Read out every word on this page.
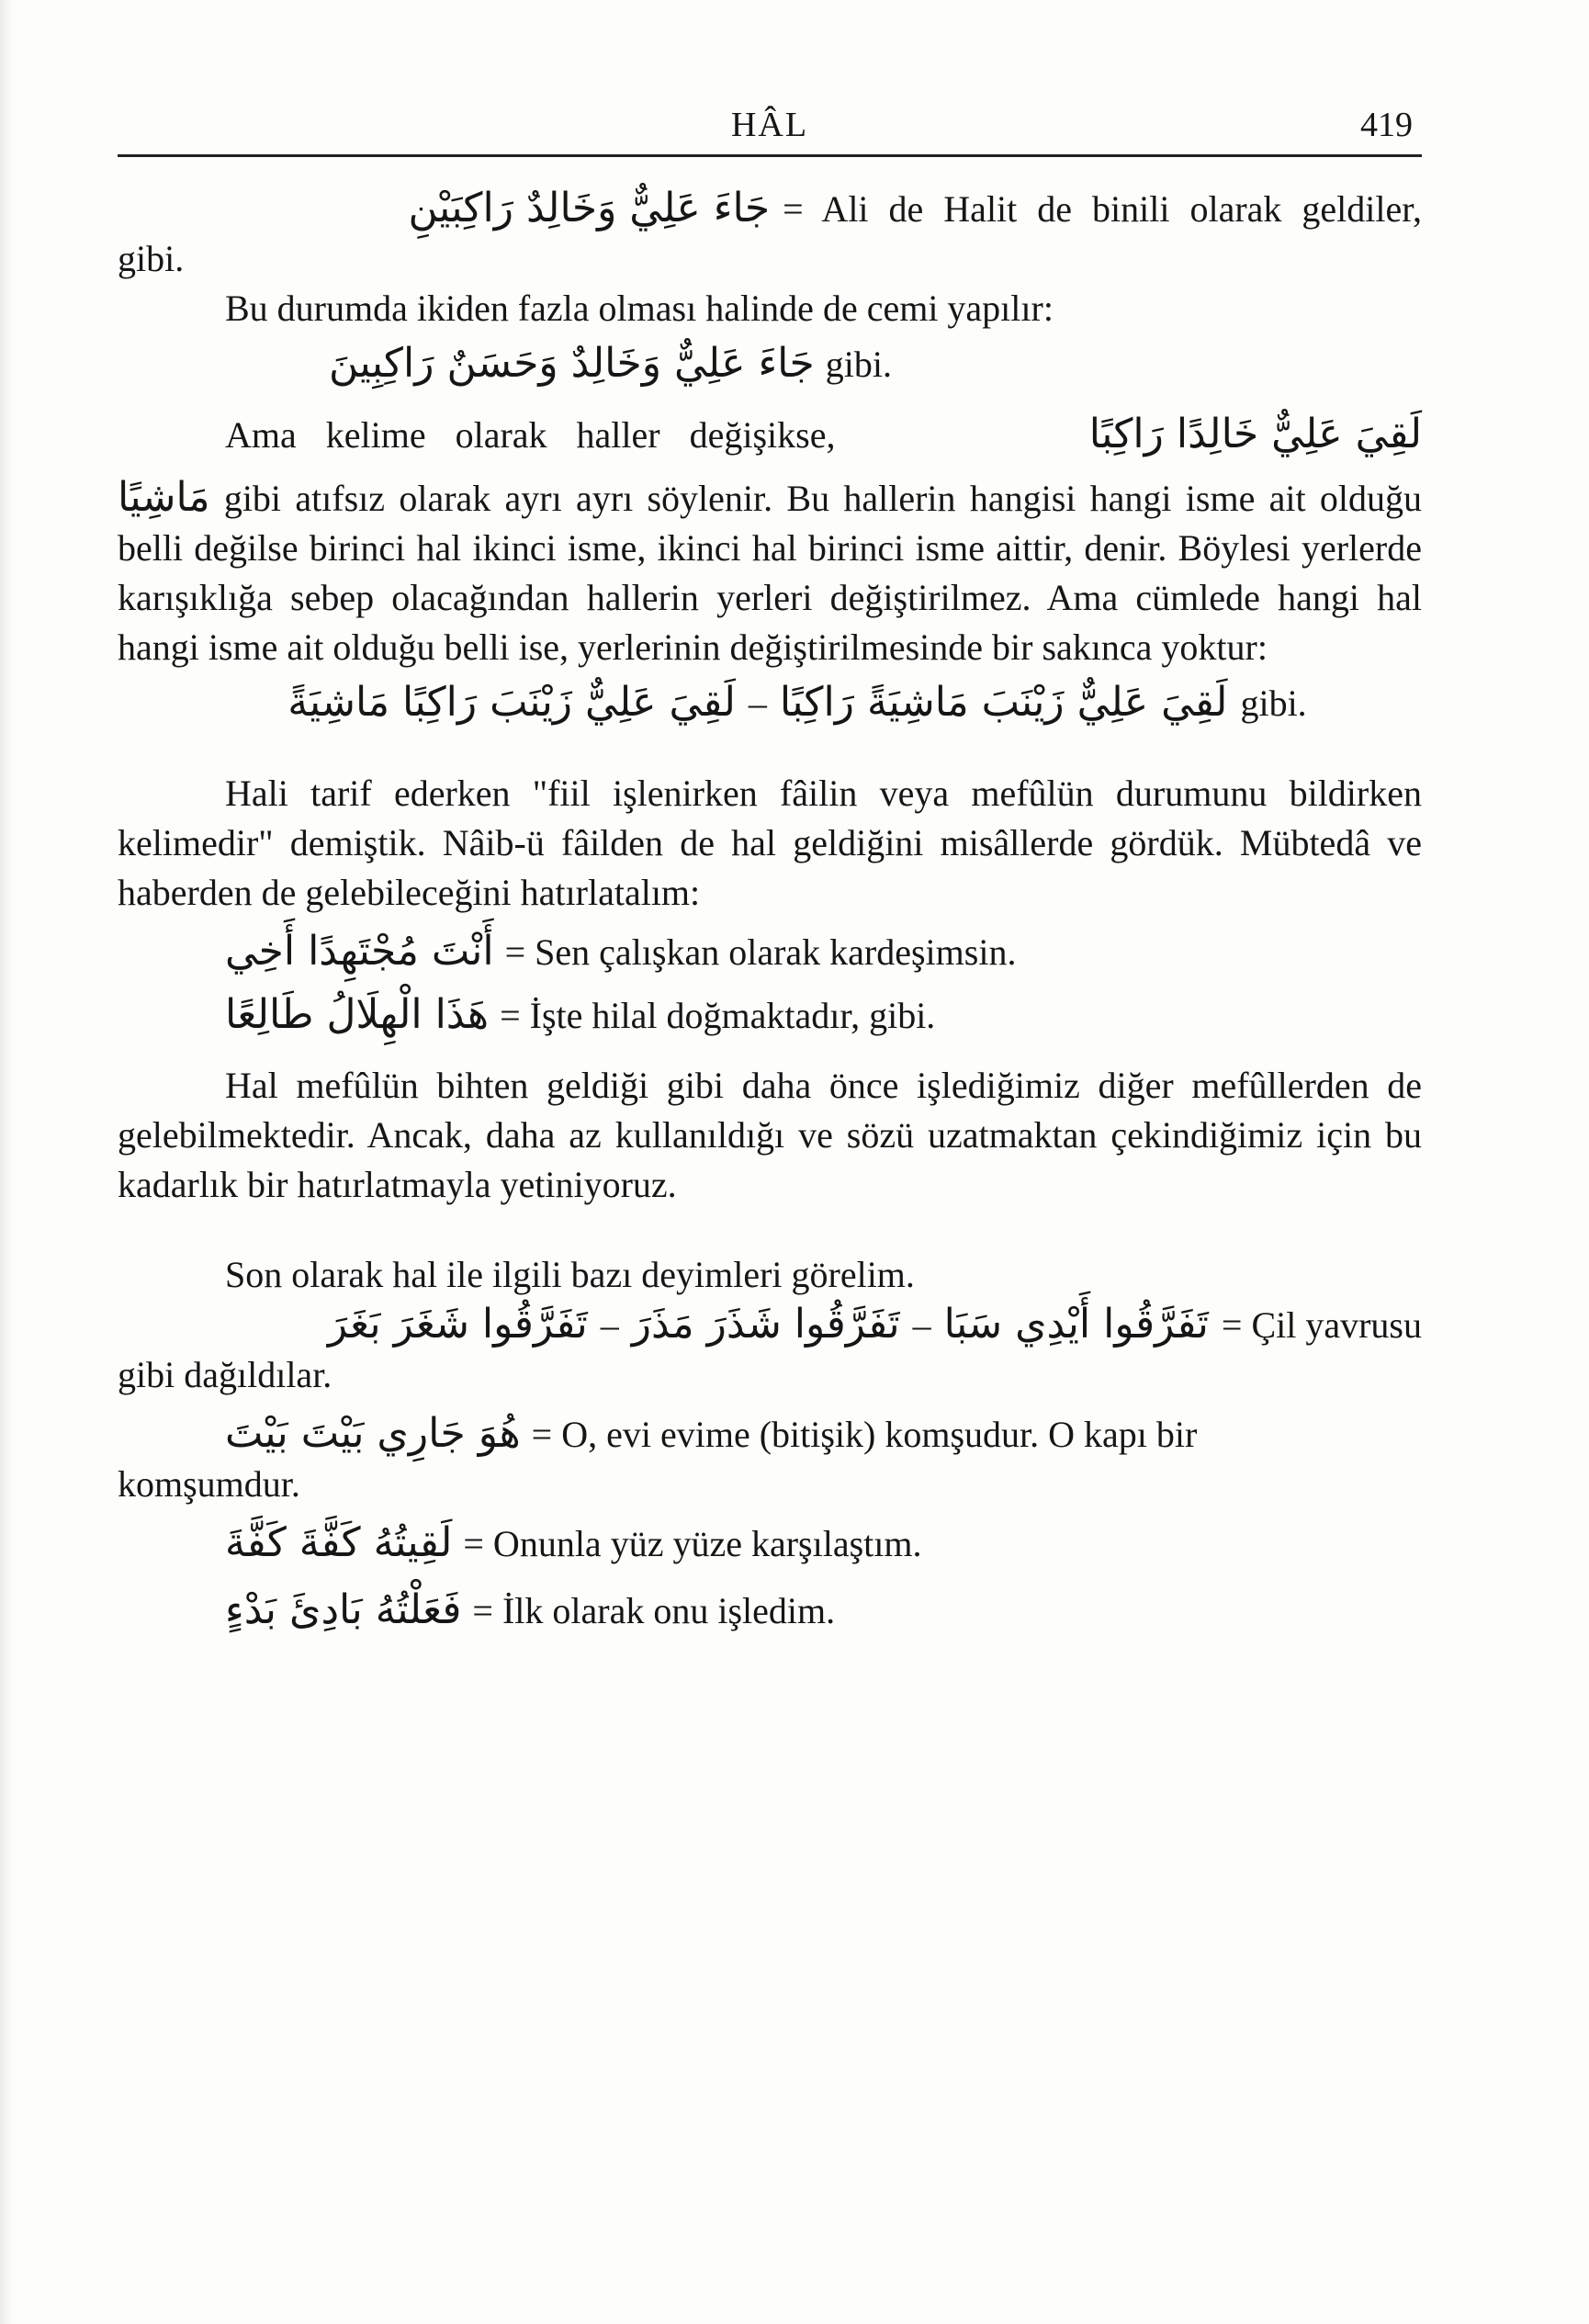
HÂL	419
جَاءَ عَلِيٌّ وَخَالِدٌ رَاكِبَيْنِ = Ali de Halit de binili olarak geldiler,

gibi.

Bu durumda ikiden fazla olması halinde de cemi yapılır:

جَاءَ عَلِيٌّ وَخَالِدٌ وَحَسَنٌ رَاكِبِينَ gibi.
Ama kelime olarak haller değişikse,	لَقِيَ عَلِيٌّ خَالِدًا رَاكِبًا

مَاشِيًا gibi atıfsız olarak ayrı ayrı söylenir. Bu hallerin hangisi hangi isme ait olduğu belli değilse birinci hal ikinci isme, ikinci hal birinci isme aittir, denir. Böylesi yerlerde karışıklığa sebep olacağından hallerin yerleri değiştirilmez. Ama cümlede hangi hal hangi isme ait olduğu belli ise, yerlerinin değiştirilmesinde bir sakınca yoktur:

لَقِيَ عَلِيٌّ زَيْنَبَ رَاكِبًا مَاشِيَةً – لَقِيَ عَلِيٌّ زَيْنَبَ مَاشِيَةً رَاكِبًا gibi.

Hali tarif ederken "fiil işlenirken fâilin veya mefûlün durumunu bildirken kelimedir" demiştik. Nâib-ü fâilden de hal geldiğini misâllerde gördük. Mübtedâ ve haberden de gelebileceğini hatırlatalım:

أَنْتَ مُجْتَهِدًا أَخِي = Sen çalışkan olarak kardeşimsin.
هَذَا الْهِلَالُ طَالِعًا = İşte hilal doğmaktadır, gibi.

Hal mefûlün bihten geldiği gibi daha önce işlediğimiz diğer mefûllerden de gelebilmektedir. Ancak, daha az kullanıldığı ve sözü uzatmaktan çekindiğimiz için bu kadarlık bir hatırlatmayla yetiniyoruz.

Son olarak hal ile ilgili bazı deyimleri görelim.

تَفَرَّقُوا شَغَرَ بَغَرَ – تَفَرَّقُوا شَذَرَ مَذَرَ – تَفَرَّقُوا أَيْدِي سَبَا = Çil yavrusu

gibi dağıldılar.

هُوَ جَارِي بَيْتَ بَيْتَ = O, evi evime (bitişik) komşudur. O kapı bir

komşumdur.

لَقِيتُهُ كَفَّةَ كَفَّةَ = Onunla yüz yüze karşılaştım.
فَعَلْتُهُ بَادِئَ بَدْءٍ = İlk olarak onu işledim.
